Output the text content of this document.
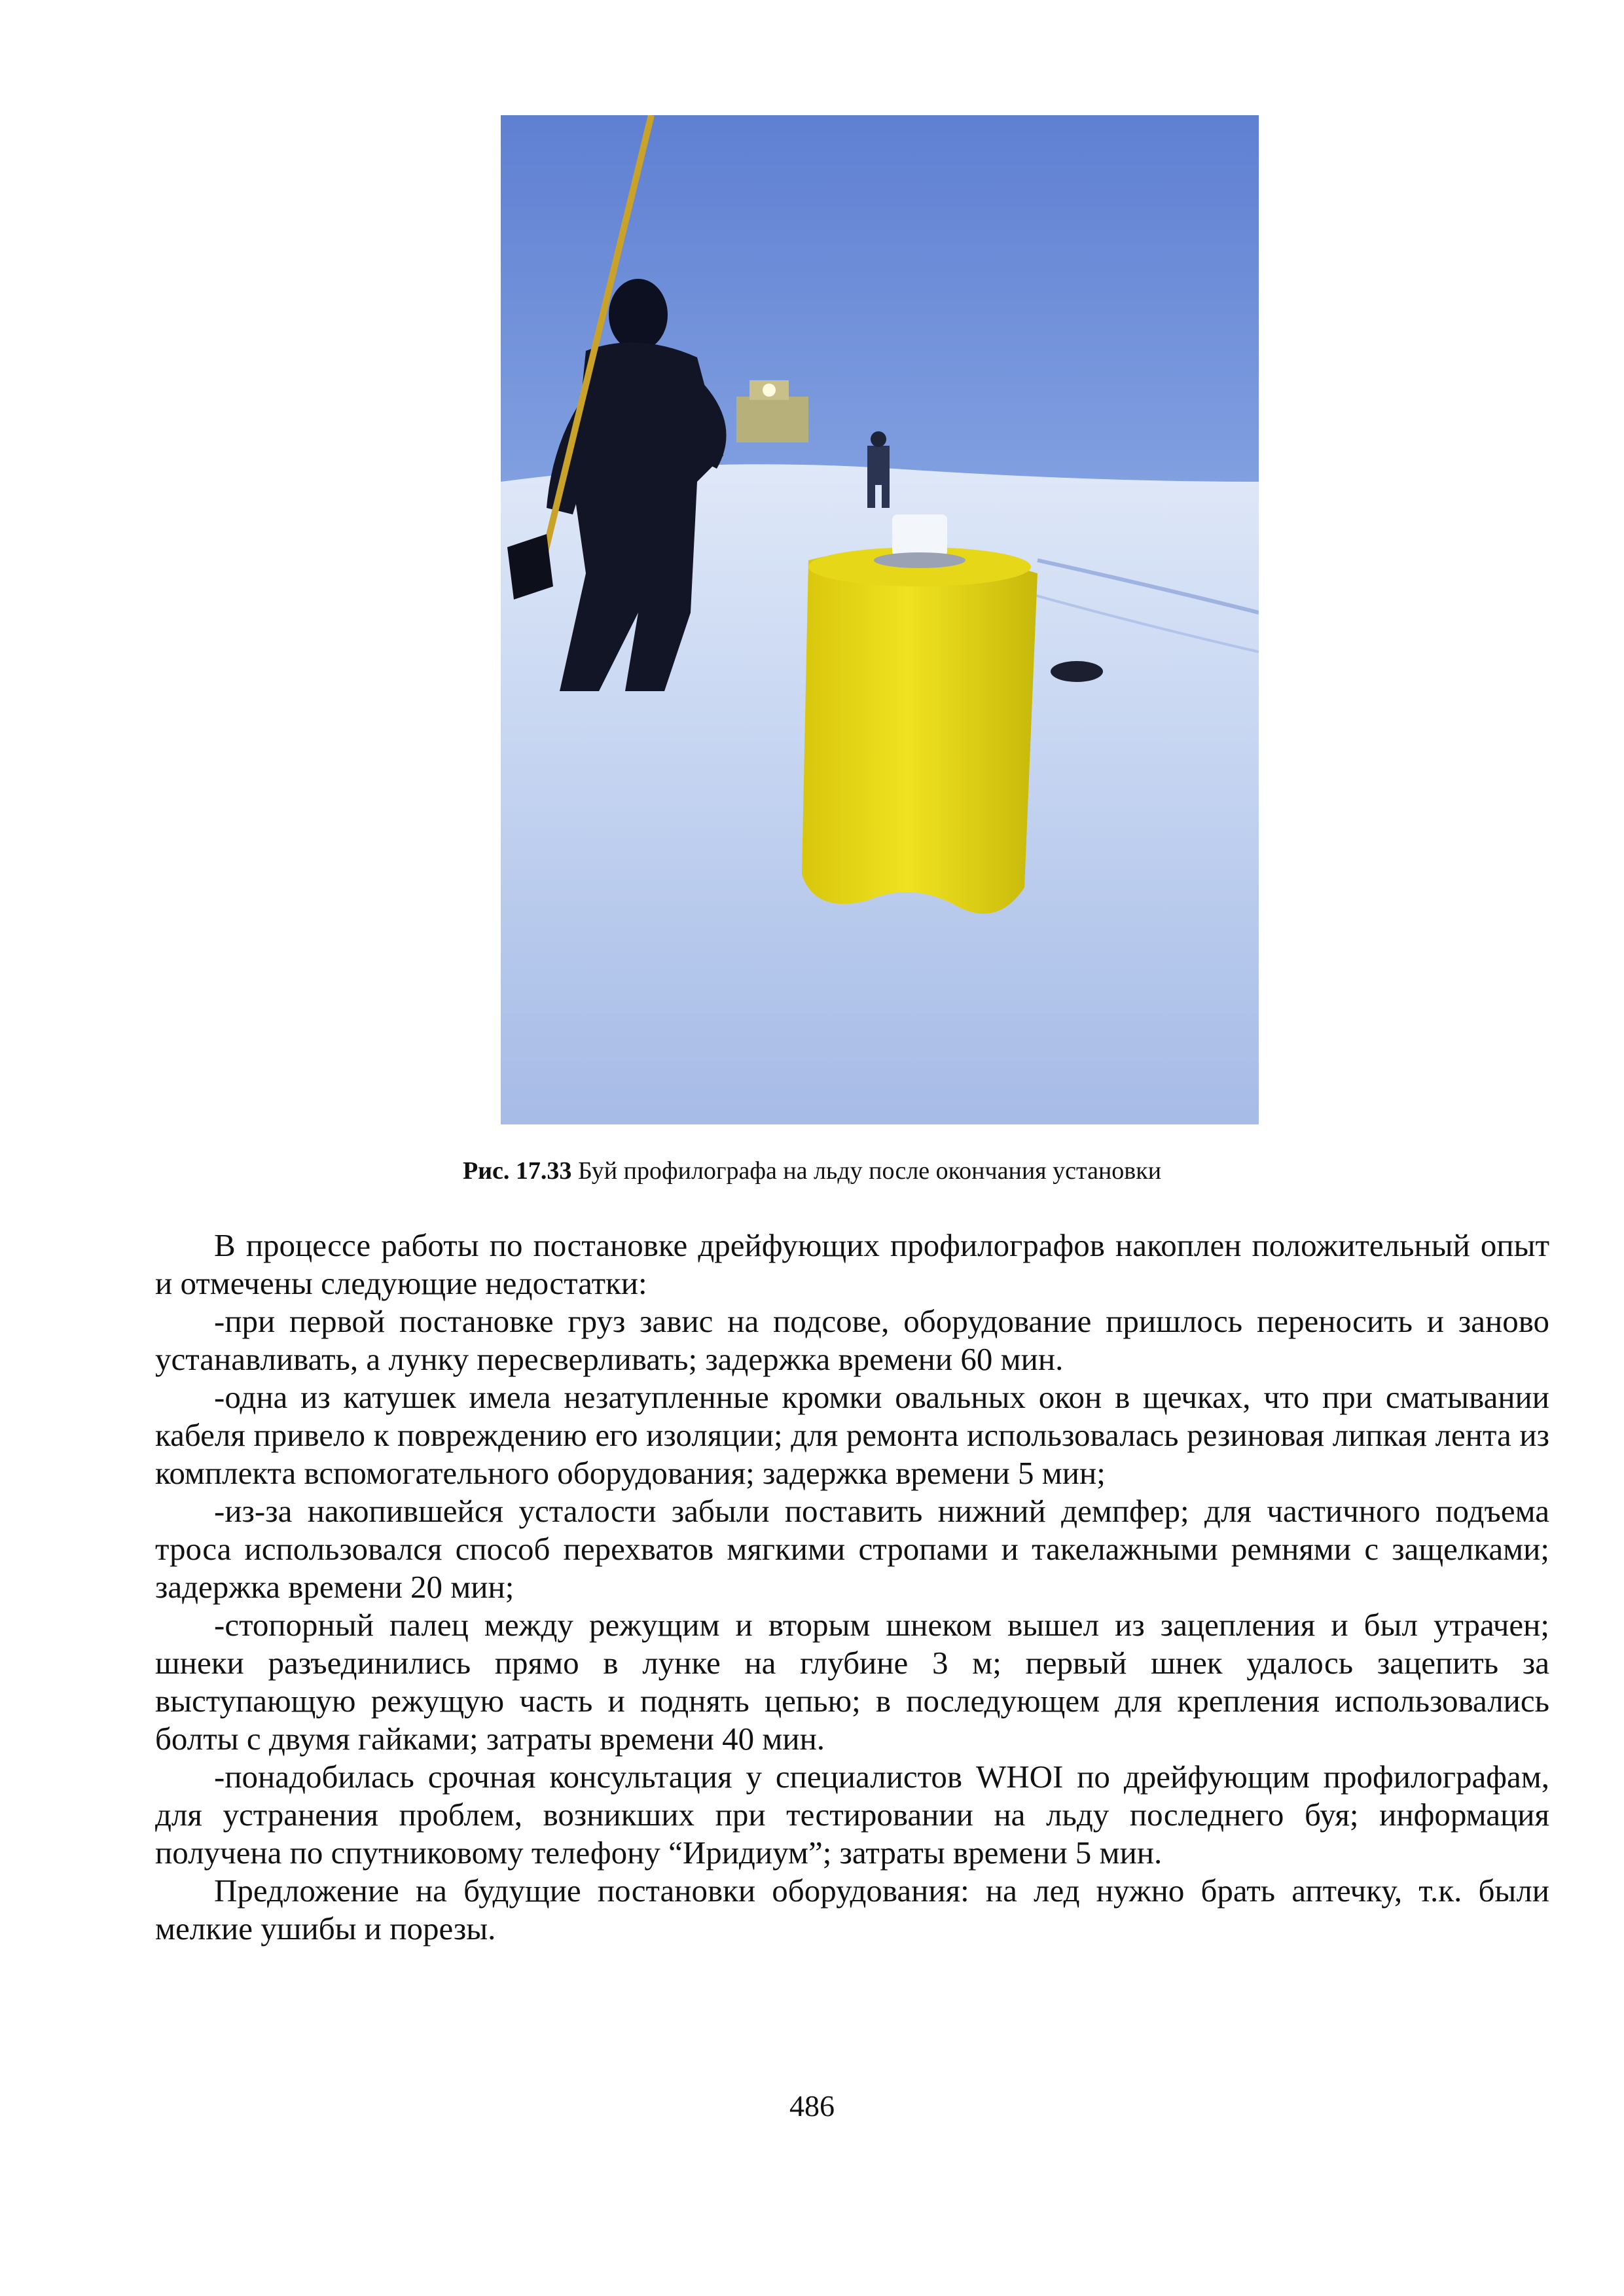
Рис. 17.33 Буй профилографа на льду после окончания установки

В процессе работы по постановке дрейфующих профилографов накоплен положительный опыт и отмечены следующие недостатки:

-при первой постановке груз завис на подсове, оборудование пришлось переносить и заново устанавливать, а лунку пересверливать; задержка времени 60 мин.

-одна из катушек имела незатупленные кромки овальных окон в щечках, что при сматывании кабеля привело к повреждению его изоляции; для ремонта использовалась резиновая липкая лента из комплекта вспомогательного оборудования; задержка времени 5 мин;

-из-за накопившейся усталости забыли поставить нижний демпфер; для частичного подъема троса использовался способ перехватов мягкими стропами и такелажными ремнями с защелками; задержка времени 20 мин;

-стопорный палец между режущим и вторым шнеком вышел из зацепления и был утрачен; шнеки разъединились прямо в лунке на глубине 3 м; первый шнек удалось зацепить за выступающую режущую часть и поднять цепью; в последующем для крепления использовались болты с двумя гайками; затраты времени 40 мин.

-понадобилась срочная консультация у специалистов WHOI по дрейфующим профилографам, для устранения проблем, возникших при тестировании на льду последнего буя; информация получена по спутниковому телефону “Иридиум”; затраты времени 5 мин.

Предложение на будущие постановки оборудования: на лед нужно брать аптечку, т.к. были мелкие ушибы и порезы.

486
